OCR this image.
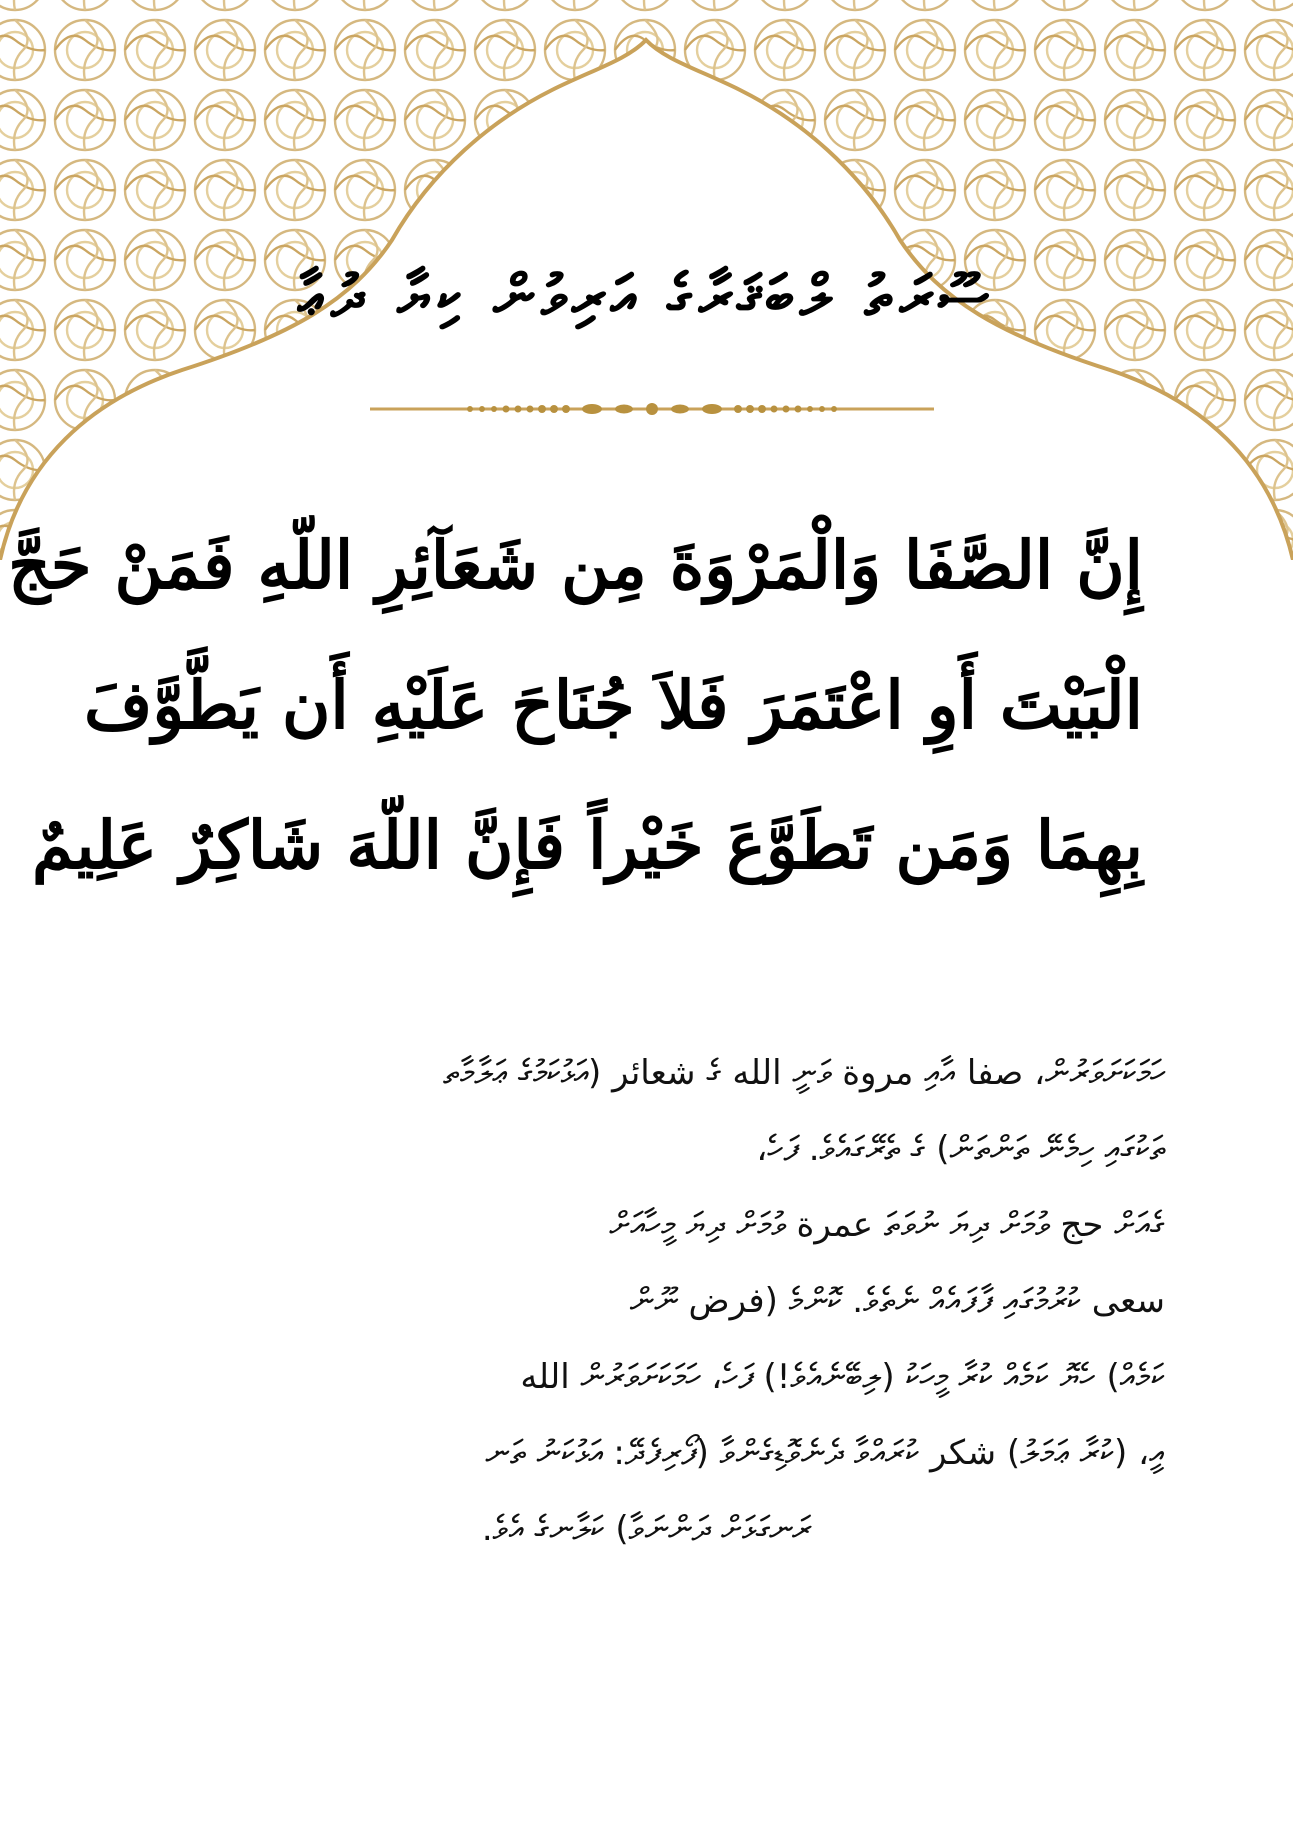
ސޫރަތު ލްބަޤަރާގެ އަރިވުން ކިޔާ ދުޢާ
إِنَّ الصَّفَا وَالْمَرْوَةَ مِن شَعَآئِرِ اللّهِ فَمَنْ حَجَّ
الْبَيْتَ أَوِ اعْتَمَرَ فَلاَ جُنَاحَ عَلَيْهِ أَن يَطَّوَّفَ
بِهِمَا وَمَن تَطَوَّعَ خَيْراً فَإِنَّ اللّهَ شَاكِرٌ عَلِيمٌ
ހަމަކަށަވަރުން، صفا އާއި مروة ވަނީ الله ގެ شعائر (އަޅުކަމުގެ ޢަލާމާތ
ތަކުގައި ހިމެނޭ ތަންތަން) ގެ ތެރޭގައެވެ. ފަހެ،
ގެއަށް حج ވުމަށް ދިޔަ ނުވަތަ عمرة ވުމަށް ދިޔަ މީހާއަށް
سعى ކުރުމުގައި ފާފައެއް ނެތެވެ. ކޮންމެ (فرض ނޫން
ކަމެއް) ހެޔޮ ކަމެއް ކުރާ މީހަކު (ލިބޭނެއެވެ!) ފަހެ، ހަމަކަށަވަރުން الله
އީ، (ކުރާ ޢަމަލު) شكر ކުރައްވާ ދެނެވޮޑިގެންވާ (ފޯރިފެދޭ: އަޅުކަނު ތަނ
ރަނގަޅަށް ދަންނަވާ) ކަލާނގެ އެވެ.
